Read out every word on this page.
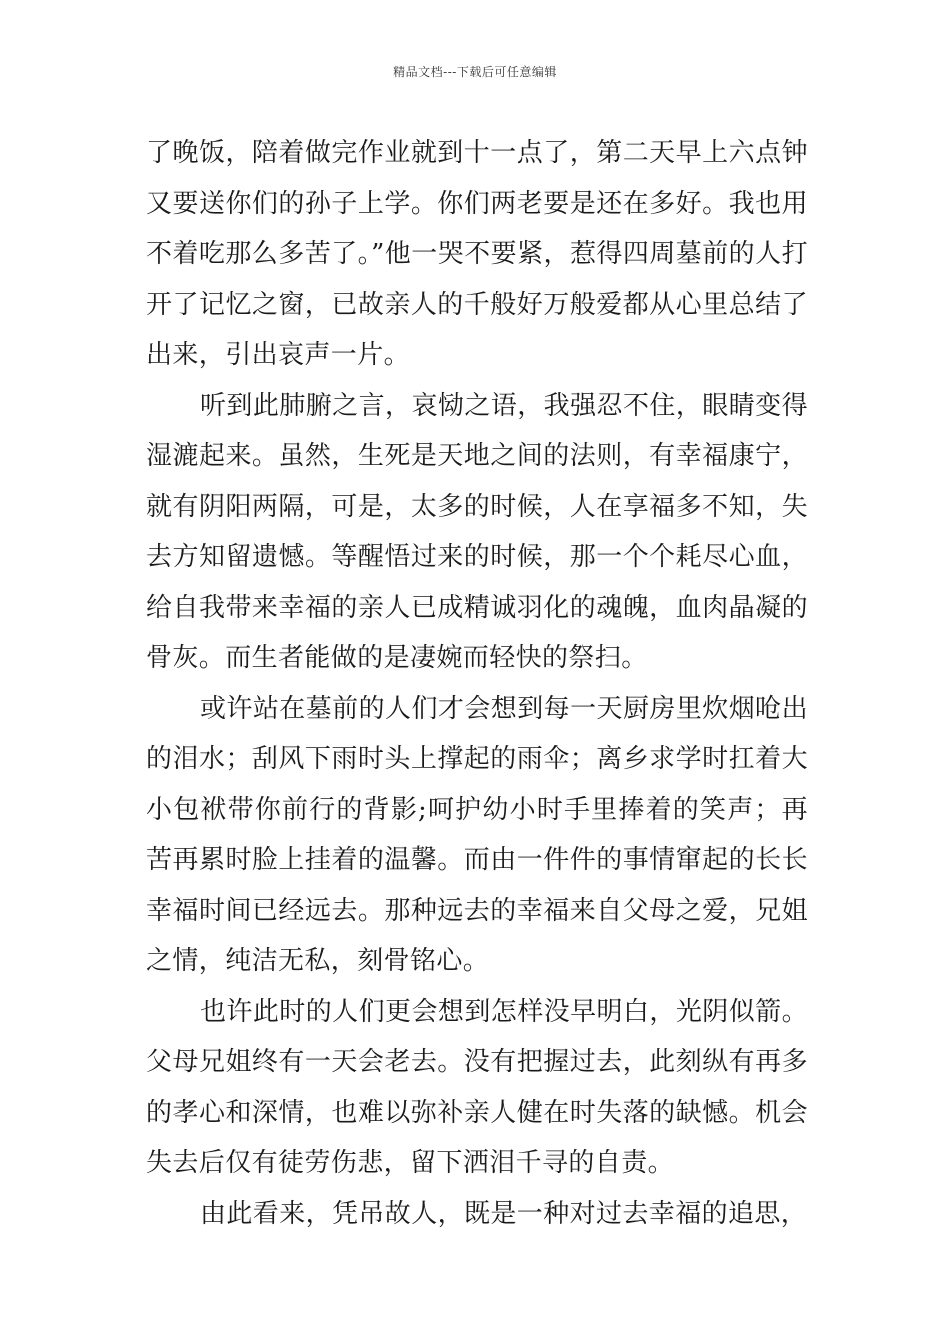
精品文档---下载后可任意编辑

了晚饭，陪着做完作业就到十一点了，第二天早上六点钟又要送你们的孙子上学。你们两老要是还在多好。我也用不着吃那么多苦了。”他一哭不要紧，惹得四周墓前的人打开了记忆之窗，已故亲人的千般好万般爱都从心里总结了出来，引出哀声一片。

听到此肺腑之言，哀恸之语，我强忍不住，眼睛变得湿漉起来。虽然，生死是天地之间的法则，有幸福康宁，就有阴阳两隔，可是，太多的时候，人在享福多不知，失去方知留遗憾。等醒悟过来的时候，那一个个耗尽心血，给自我带来幸福的亲人已成精诚羽化的魂魄，血肉晶凝的骨灰。而生者能做的是凄婉而轻快的祭扫。

或许站在墓前的人们才会想到每一天厨房里炊烟呛出的泪水；刮风下雨时头上撑起的雨伞；离乡求学时扛着大小包袱带你前行的背影;呵护幼小时手里捧着的笑声；再苦再累时脸上挂着的温馨。而由一件件的事情窜起的长长幸福时间已经远去。那种远去的幸福来自父母之爱，兄姐之情，纯洁无私，刻骨铭心。

也许此时的人们更会想到怎样没早明白，光阴似箭。父母兄姐终有一天会老去。没有把握过去，此刻纵有再多的孝心和深情，也难以弥补亲人健在时失落的缺憾。机会失去后仅有徒劳伤悲，留下洒泪千寻的自责。

由此看来，凭吊故人，既是一种对过去幸福的追思，
